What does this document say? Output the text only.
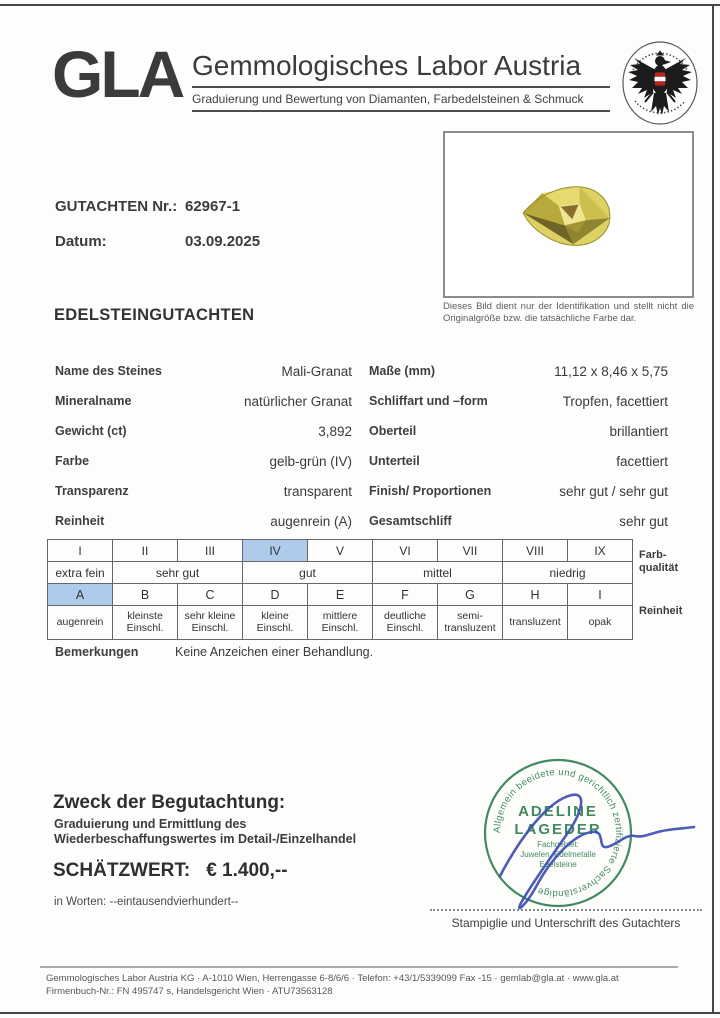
GLA Gemmologisches Labor Austria
Graduierung und Bewertung von Diamanten, Farbedelsteinen & Schmuck
GUTACHTEN Nr.: 62967-1
Datum:	03.09.2025
Dieses Bild dient nur der Identifikation und stellt nicht die Originalgröße bzw. die tatsächliche Farbe dar.
EDELSTEINGUTACHTEN
Name des Steines	Mali-Granat
Mineralname	natürlicher Granat
Gewicht (ct)	3,892
Farbe	gelb-grün (IV)
Transparenz	transparent
Reinheit	augenrein (A)
Maße (mm)	11,12 x 8,46 x 5,75
Schliffart und –form	Tropfen, facettiert
Oberteil	brillantiert
Unterteil	facettiert
Finish/ Proportionen	sehr gut / sehr gut
Gesamtschliff	sehr gut
I	II	III	IV	V	VI	VII	VIII	IX	Farb-qualität
extra fein	sehr gut		gut		mittel		niedrig		
A	B	C	D	E	F	G	H	I	Reinheit
augenrein	kleinste Einschl.	sehr kleine Einschl.	kleine Einschl.	mittlere Einschl.	deutliche Einschl.	semi-transluzent	transluzent	opak	
Bemerkungen	Keine Anzeichen einer Behandlung.
Zweck der Begutachtung:
Graduierung und Ermittlung des
Wiederbeschaffungswertes im Detail-/Einzelhandel
SCHÄTZWERT: € 1.400,--
in Worten: --eintausendvierhundert--
Allgemein beeidete und gerichtlich zertifizierte Sachverständige
ADELINE
LAGEDER
Fachgebiet:
Juwelen, Edelmetalle
Edelsteine
Stampiglie und Unterschrift des Gutachters
Gemmologisches Labor Austria KG · A-1010 Wien, Herrengasse 6-8/6/6 · Telefon: +43/1/5339099 Fax -15 · gemlab@gla.at · www.gla.at
Firmenbuch-Nr.: FN 495747 s, Handelsgericht Wien · ATU73563128
